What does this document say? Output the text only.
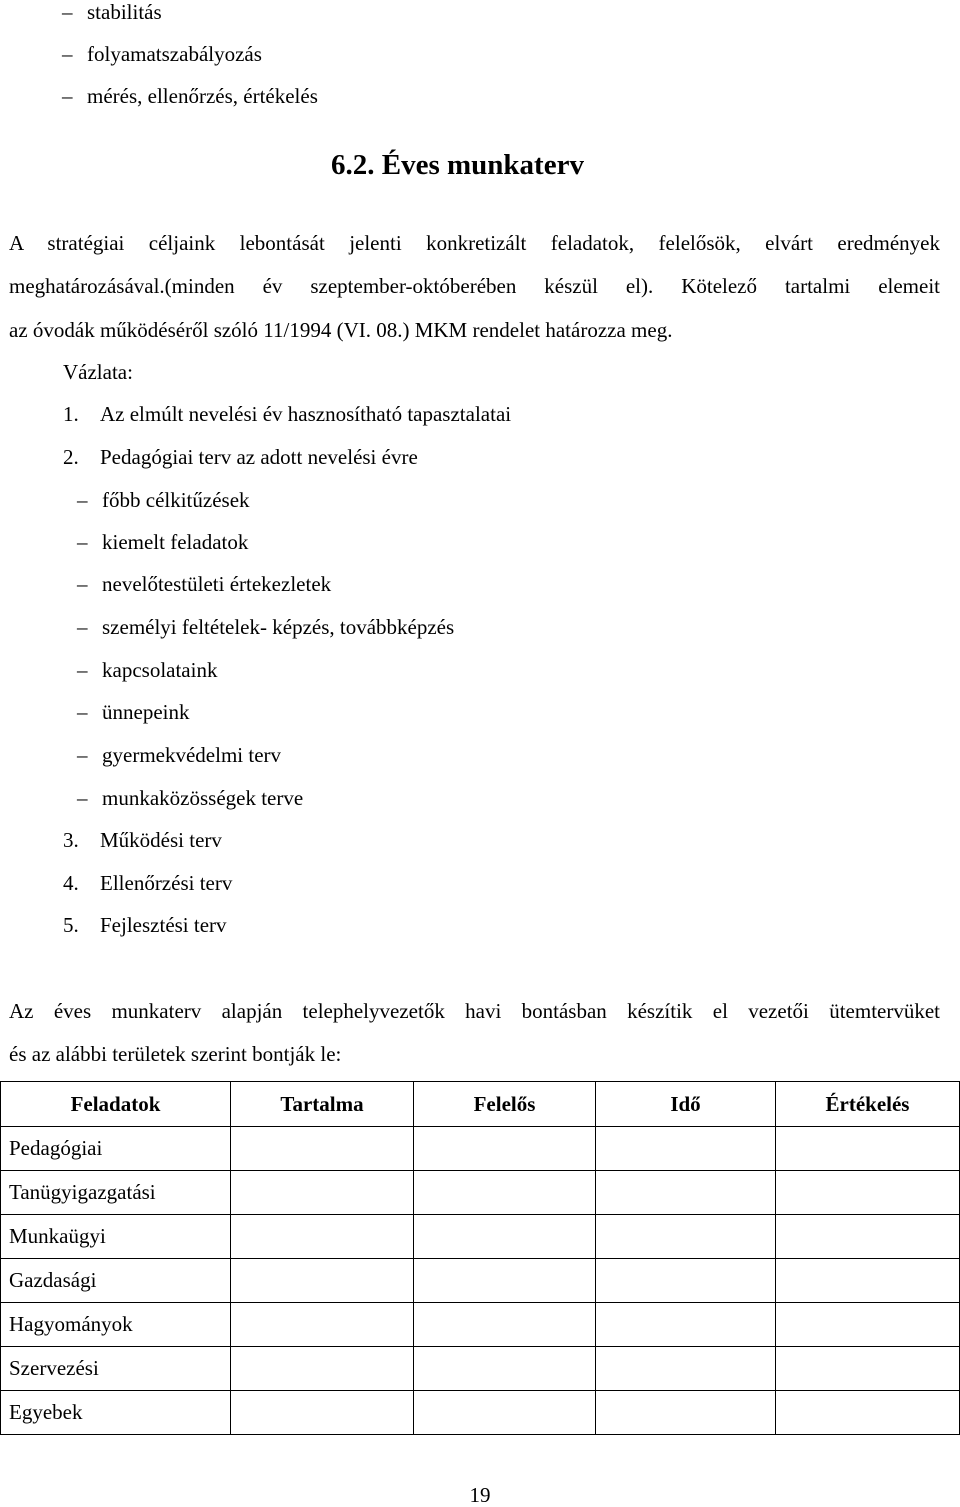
– stabilitás
– folyamatszabályozás
– mérés, ellenőrzés, értékelés
6.2. Éves munkaterv
A stratégiai céljaink lebontását jelenti konkretizált feladatok, felelősök, elvárt eredmények
meghatározásával.(minden év szeptember-októberében készül el). Kötelező tartalmi elemeit
az óvodák működéséről szóló 11/1994 (VI. 08.) MKM rendelet határozza meg.
Vázlata:
1. Az elmúlt nevelési év hasznosítható tapasztalatai
2. Pedagógiai terv az adott nevelési évre
– főbb célkitűzések
– kiemelt feladatok
– nevelőtestületi értekezletek
– személyi feltételek- képzés, továbbképzés
– kapcsolataink
– ünnepeink
– gyermekvédelmi terv
– munkaközösségek terve
3. Működési terv
4. Ellenőrzési terv
5. Fejlesztési terv
Az éves munkaterv alapján telephelyvezetők havi bontásban készítik el vezetői ütemtervüket
és az alábbi területek szerint bontják le:
Feladatok	Tartalma	Felelős	Idő	Értékelés
Pedagógiai				
Tanügyigazgatási				
Munkaügyi				
Gazdasági				
Hagyományok				
Szervezési				
Egyebek				
19
